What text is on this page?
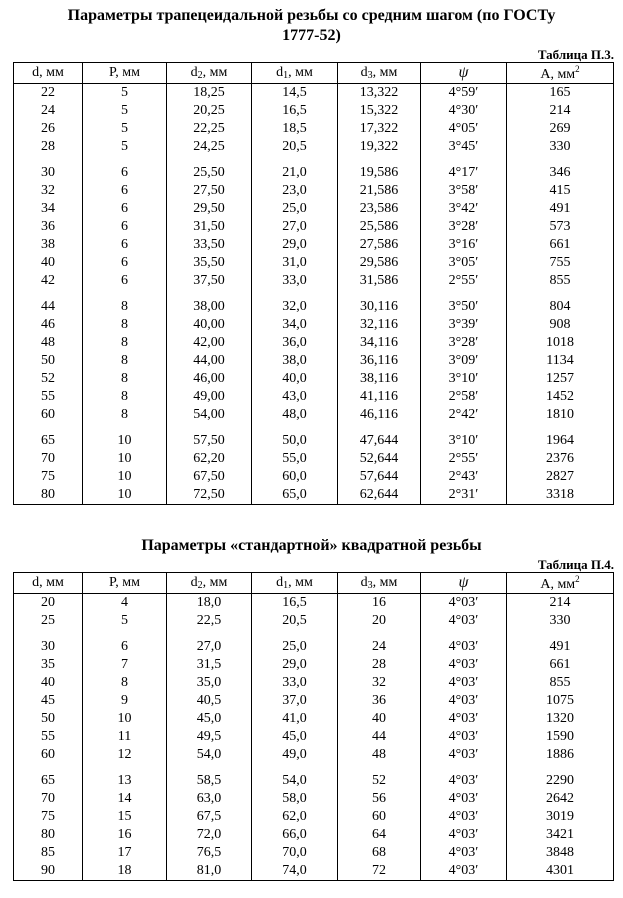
Параметры трапецеидальной резьбы со средним шагом (по ГОСТу
1777-52)
Таблица П.3.
d, мм	P, мм	$d_2$, мм	$d_1$, мм	$d_3$, мм	ψ	A, $мм^2$
22	5	18,25	14,5	13,322	4°59′	165
24	5	20,25	16,5	15,322	4°30′	214
26	5	22,25	18,5	17,322	4°05′	269
28	5	24,25	20,5	19,322	3°45′	330

30	6	25,50	21,0	19,586	4°17′	346
32	6	27,50	23,0	21,586	3°58′	415
34	6	29,50	25,0	23,586	3°42′	491
36	6	31,50	27,0	25,586	3°28′	573
38	6	33,50	29,0	27,586	3°16′	661
40	6	35,50	31,0	29,586	3°05′	755
42	6	37,50	33,0	31,586	2°55′	855

44	8	38,00	32,0	30,116	3°50′	804
46	8	40,00	34,0	32,116	3°39′	908
48	8	42,00	36,0	34,116	3°28′	1018
50	8	44,00	38,0	36,116	3°09′	1134
52	8	46,00	40,0	38,116	3°10′	1257
55	8	49,00	43,0	41,116	2°58′	1452
60	8	54,00	48,0	46,116	2°42′	1810

65	10	57,50	50,0	47,644	3°10′	1964
70	10	62,20	55,0	52,644	2°55′	2376
75	10	67,50	60,0	57,644	2°43′	2827
80	10	72,50	65,0	62,644	2°31′	3318
Параметры «стандартной» квадратной резьбы
Таблица П.4.
d, мм	P, мм	$d_2$, мм	$d_1$, мм	$d_3$, мм	ψ	A, $мм^2$
20	4	18,0	16,5	16	4°03′	214
25	5	22,5	20,5	20	4°03′	330

30	6	27,0	25,0	24	4°03′	491
35	7	31,5	29,0	28	4°03′	661
40	8	35,0	33,0	32	4°03′	855
45	9	40,5	37,0	36	4°03′	1075
50	10	45,0	41,0	40	4°03′	1320
55	11	49,5	45,0	44	4°03′	1590
60	12	54,0	49,0	48	4°03′	1886

65	13	58,5	54,0	52	4°03′	2290
70	14	63,0	58,0	56	4°03′	2642
75	15	67,5	62,0	60	4°03′	3019
80	16	72,0	66,0	64	4°03′	3421
85	17	76,5	70,0	68	4°03′	3848
90	18	81,0	74,0	72	4°03′	4301
